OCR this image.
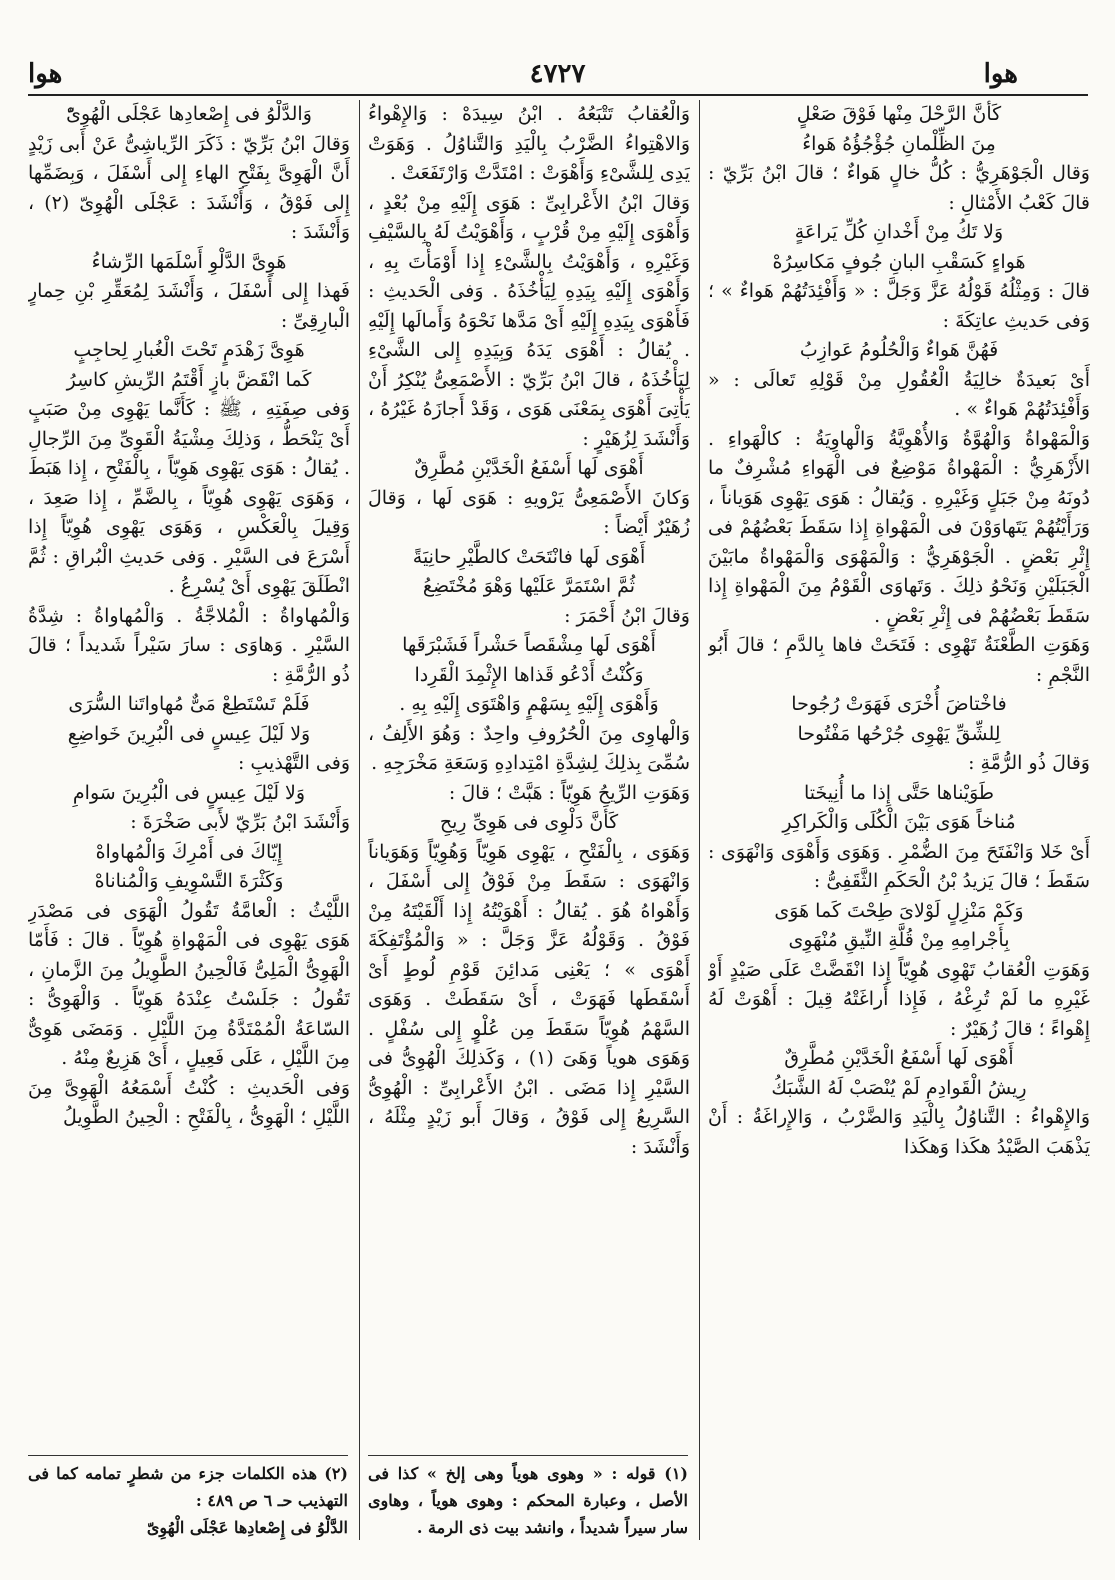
هوا
٤٧٢٧
هوا

كَأَنَّ الرَّحْلَ مِنْها فَوْقَ صَعْلٍ
مِنَ الظِّلْمانِ جُؤْجُؤُهُ هَواءُ

وَقال الْجَوْهَرِيُّ : كُلُّ خالٍ هَواءٌ ؛ قالَ ابْنُ بَرِّيّ : قالَ كَعْبُ الأَمْثالِ :

وَلا تَكُ مِنْ أَخْدانِ كُلِّ يَراعَةٍ
هَواءٍ كَسَقْبِ البانِ جُوفٍ مَكاسِرُهْ

قالَ : وَمِثْلُهُ قَوْلُهُ عَزَّ وَجَلَّ : « وَأَفْئِدَتُهُمْ هَواءٌ » ؛ وَفى حَديثِ عاتِكَةَ :

فَهُنَّ هَواءٌ وَالْحُلُومُ عَوازِبُ

أَىْ بَعيدَةٌ خالِيَةُ الْعُقُولِ مِنْ قَوْلِهِ تَعالَى : « وَأَفْئِدَتُهُمْ هَواءٌ » .
وَالْمَهْواةُ وَالْهُوَّةُ وَالأُهْوِيَّةُ وَالْهاوِيَةُ : كالْهَواءِ . الأَزْهَرِيُّ : الْمَهْواةُ مَوْضِعٌ فى الْهَواءِ مُشْرِفٌ ما دُونَهُ مِنْ جَبَلٍ وَغَيْرِهِ . وَيُقالُ : هَوَى يَهْوِى هَوَياناً ، وَرَأَيْتُهُمْ يَتَهاوَوْنَ فى الْمَهْواةِ إِذا سَقَطَ بَعْضُهُمْ فى إِثْرِ بَعْضٍ . الْجَوْهَرِيُّ : وَالْمَهْوَى وَالْمَهْواةُ مابَيْنَ الْجَبَلَيْنِ وَنَحْوُ ذلِكَ . وَتَهاوَى الْقَوْمُ مِنَ الْمَهْواةِ إِذا سَقَطَ بَعْضُهُمْ فى إِثْرِ بَعْضٍ .
وَهَوَتِ الطَّعْنَةُ تَهْوِى : فَتَحَتْ فاها بِالدَّمِ ؛ قالَ أَبُو النَّجْمِ :

فاخْتاضَ أُخْرَى فَهَوَتْ رُجُوحا
لِلشِّقِّ يَهْوِى جُرْحُها مَفْتُوحا

وَقالَ ذُو الرُّمَّةِ :

طَوَيْناها حَتَّى إِذا ما أُنِيخَتا
مُناخاً هَوَى بَيْنَ الْكُلَى وَالْكَراكِرِ

أَىْ خَلا وَانْفَتَحَ مِنَ الضُّمْرِ . وَهَوَى وَأَهْوَى وَانْهَوَى : سَقَطَ ؛ قالَ يَزيدُ بْنُ الْحَكَمِ الثَّقَفِىُّ :

وَكَمْ مَنْزِلٍ لَوْلاىَ طِحْتَ كَما هَوَى
بِأَجْرامِهِ مِنْ قُلَّةِ النِّيقِ مُنْهَوِى

وَهَوَتِ الْعُقابُ تَهْوِى هُوِيّاً إِذا انْقَضَّتْ عَلَى صَيْدٍ أَوْ غَيْرِهِ ما لَمْ تُرِغْهُ ، فَإِذا أَراغَتْهُ قِيلَ : أَهْوَتْ لَهُ إِهْواءً ؛ قالَ زُهَيْرٌ :

أَهْوَى لَها أَسْفَعُ الْخَدَّيْنِ مُطَّرِقٌ
رِيشُ الْقَوادِمِ لَمْ يُنْصَبْ لَهُ الشَّبَكُ

وَالإِهْواءُ : التَّناوُلُ بِالْيَدِ وَالضَّرْبُ ، وَالإِراغَةُ : أَنْ يَذْهَبَ الصَّيْدُ هكَذا وَهكَذا

وَالْعُقابُ تَتْبَعُهُ . ابْنُ سِيدَهْ : وَالإِهْواءُ وَالاهْتِواءُ الضَّرْبُ بِالْيَدِ وَالتَّناوُلُ . وَهَوَتْ يَدِى لِلشَّىْءِ وَأَهْوَتْ : امْتَدَّتْ وَارْتَفَعَتْ .
وَقالَ ابْنُ الأَعْرابِىِّ : هَوَى إِلَيْهِ مِنْ بُعْدٍ ، وَأَهْوَى إِلَيْهِ مِنْ قُرْبٍ ، وَأَهْوَيْتُ لَهُ بِالسَّيْفِ وَغَيْرِهِ ، وَأَهْوَيْتُ بِالشَّىْءِ إِذا أَوْمَأْتَ بِهِ ، وَأَهْوَى إِلَيْهِ بِيَدِهِ لِيَأْخُذَهُ . وَفى الْحَديثِ : فَأَهْوَى بِيَدِهِ إِلَيْهِ أَىْ مَدَّها نَحْوَهُ وَأَمالَها إِلَيْهِ . يُقالُ : أَهْوَى يَدَهُ وَبِيَدِهِ إِلى الشَّىْءِ لِيَأْخُذَهُ ، قالَ ابْنُ بَرِّيّ : الأَصْمَعِىُّ يُنْكِرُ أَنْ يَأْتِىَ أَهْوَى بِمَعْنَى هَوَى ، وَقَدْ أَجازَهُ غَيْرُهُ ، وَأَنْشَدَ لِزُهَيْرٍ :

أَهْوَى لَها أَسْفَعُ الْخَدَّيْنِ مُطَّرِقٌ

وَكانَ الأَصْمَعِىُّ يَرْويهِ : هَوَى لَها ، وَقالَ زُهَيْرٌ أَيْضاً :

أَهْوَى لَها فانْتَحَتْ كالطَّيْرِ حانِيَةً
ثُمَّ اسْتَمَرَّ عَلَيْها وَهْوَ مُخْتَضِعُ

وَقالَ ابْنُ أَحْمَرَ :

أَهْوَى لَها مِشْقَصاً حَشْراً فَشَبْرَقَها
وَكُنْتُ أَدْعُو قَذاها الإِثْمِدَ الْقَرِدا
وَأَهْوَى إِلَيْهِ بِسَهْمٍ وَاهْتَوَى إِلَيْهِ بِهِ .

وَالْهاوِى مِنَ الْحُرُوفِ واحِدٌ : وَهُوَ الأَلِفُ ، سُمِّىَ بِذلِكَ لِشِدَّةِ امْتِدادِهِ وَسَعَةِ مَخْرَجِهِ .
وَهَوَتِ الرِّيحُ هَوِيّاً : هَبَّتْ ؛ قالَ :

كَأَنَّ دَلْوِى فى هَوِىِّ رِيحِ

وَهَوَى ، بِالْفَتْحِ ، يَهْوِى هَوِيّاً وَهُوِيّاً وَهَوَياناً وَانْهَوَى : سَقَطَ مِنْ فَوْقُ إِلى أَسْفَلَ ، وَأَهْواهُ هُوَ . يُقالُ : أَهْوَيْتُهُ إِذا أَلْقَيْتَهُ مِنْ فَوْقُ . وَقَوْلُهُ عَزَّ وَجَلَّ : « وَالْمُؤْتَفِكَةَ أَهْوَى » ؛ يَعْنِى مَدائِنَ قَوْمِ لُوطٍ أَىْ أَسْقَطَها فَهَوَتْ ، أَىْ سَقَطَتْ . وَهَوَى السَّهْمُ هُوِيّاً سَقَطَ مِن عُلْوٍ إِلى سُفْلٍ . وَهَوَى هوياً وَهَىَ (١) ، وَكَذلِكَ الْهُوِىُّ فى السَّيْرِ إِذا مَضَى . ابْنُ الأَعْرابِىِّ : الْهُوِىُّ السَّرِيعُ إِلى فَوْقُ ، وَقالَ أَبو زَيْدٍ مِثْلَهُ ، وَأَنْشَدَ :

وَالدَّلْوُ فى إِصْعادِها عَجْلَى الْهُوِىّْ

وَقالَ ابْنُ بَرِّيّ : ذَكَرَ الرِّياشِىُّ عَنْ أَبى زَيْدٍ أَنَّ الْهَوِىَّ بِفَتْحِ الهاءِ إِلى أَسْفَلَ ، وَبِضَمِّها إِلى فَوْقُ ، وَأَنْشَدَ : عَجْلَى الْهُوِىّ (٢) ، وَأَنْشَدَ :

هَوِىَّ الدَّلْوِ أَسْلَمَها الرِّشاءُ

فَهذا إِلى أَسْفَلَ ، وَأَنْشَدَ لِمُعَقِّرِ بْنِ حِمارٍ الْبارِقِىِّ :

هَوِىَّ زَهْدَمٍ تَحْتَ الْغُبارِ لِحاجِبٍ
كَما انْقَضَّ بازٍ أَقْتَمُ الرِّيشِ كاسِرُ

وَفى صِفَتِهِ ، ﷺ : كَأَنَّما يَهْوِى مِنْ صَبَبٍ أَىْ يَنْحَطُّ ، وَذلِكَ مِشْيَةُ الْقَوِىِّ مِنَ الرِّجالِ . يُقالُ : هَوَى يَهْوِى هَوِيّاً ، بِالْفَتْحِ ، إِذا هَبَطَ ، وَهَوَى يَهْوِى هُوِيّاً ، بِالضَّمِّ ، إِذا صَعِدَ ، وَقِيلَ بِالْعَكْسِ ، وَهَوَى يَهْوِى هُوِيّاً إِذا أَسْرَعَ فى السَّيْرِ . وَفى حَديثِ الْبُراقِ : ثُمَّ انْطَلَقَ يَهْوِى أَىْ يُسْرِعُ .
وَالْمُهاواةُ : الْمُلاجَّةُ . وَالْمُهاواةُ : شِدَّةُ السَّيْرِ . وَهاوَى : سارَ سَيْراً شَديداً ؛ قالَ ذُو الرُّمَّةِ :

فَلَمْ تَسْتَطِعْ مَىٌّ مُهاواتَنا السُّرَى
وَلا لَيْلَ عِيسٍ فى الْبُرِينَ خَواضِعِ

وَفى التَّهْذيبِ :

وَلا لَيْلَ عِيسٍ فى الْبُرِينَ سَوامِ

وَأَنْشَدَ ابْنُ بَرِّيّ لأَبى صَخْرَةَ :

إِيّاكَ فى أَمْرِكَ وَالْمُهاواهْ
وَكَثْرَةَ التَّسْوِيفِ وَالْمُناناهْ

اللَّيْثُ : الْعامَّةُ تَقُولُ الْهَوَى فى مَصْدَرِ هَوَى يَهْوِى فى الْمَهْواةِ هُوِيّاً . قالَ : فَأَمّا الْهَوِىُّ الْمَلِىُّ فَالْحِينُ الطَّوِيلُ مِنَ الزَّمانِ ، تَقُولُ : جَلَسْتُ عِنْدَهُ هَوِيّاً . وَالْهَوِىُّ : السّاعَةُ الْمُمْتَدَّةُ مِنَ اللَّيْلِ . وَمَضَى هَوِىٌّ مِنَ اللَّيْلِ ، عَلَى فَعِيلٍ ، أَىْ هَزِيعٌ مِنْهُ .
وَفى الْحَديثِ : كُنْتُ أَسْمَعُهُ الْهَوِىَّ مِنَ اللَّيْلِ ؛ الْهَوِىُّ ، بِالْفَتْحِ : الْحِينُ الطَّوِيلُ

(١) قوله : « وهوى هوياً وهى إلخ » كذا فى الأصل ، وعبارة المحكم : وهوى هوياً ، وهاوى سار سيراً شديداً ، وانشد بيت ذى الرمة .
(٢) هذه الكلمات جزء من شطرٍ تمامه كما فى التهذيب حـ ٦ ص ٤٨٩ :
الدَّلْوُ فى إِصْعادِها عَجْلَى الْهُوِىّ
